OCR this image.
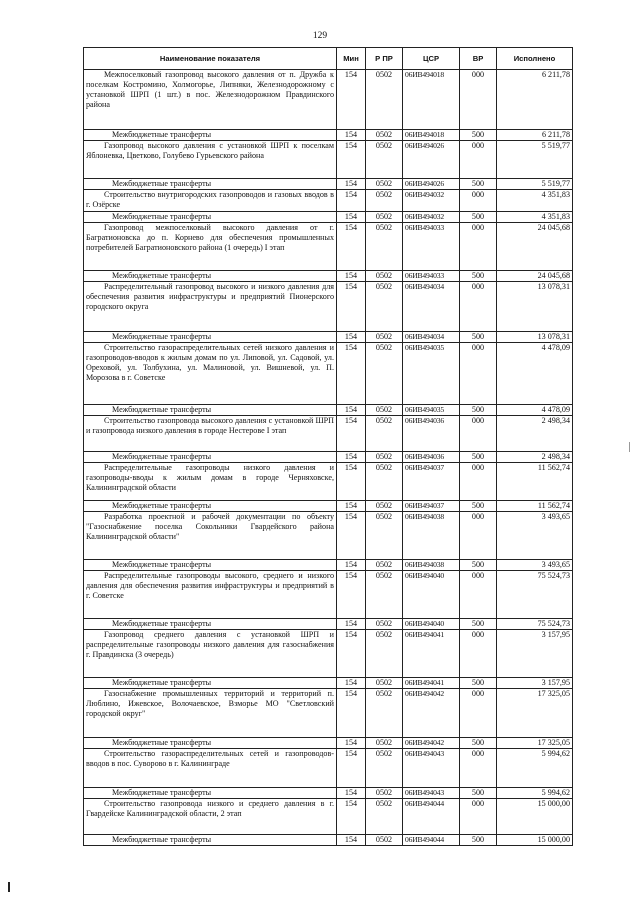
129
Наименование показателя	Мин	Р ПР	ЦСР	ВР	Исполнено
Межпоселковый газопровод высокого давления от п. Дружба к поселкам Костромино, Холмогорье, Липняки, Железнодорожному с установкой ШРП (1 шт.) в пос. Железнодорожном Правдинского района	154	0502	06ИВ494018	000	6 211,78
Межбюджетные трансферты	154	0502	06ИВ494018	500	6 211,78
Газопровод высокого давления с установкой ШРП к поселкам Яблоневка, Цветково, Голубево Гурьевского района	154	0502	06ИВ494026	000	5 519,77
Межбюджетные трансферты	154	0502	06ИВ494026	500	5 519,77
Строительство внутригородских газопроводов и газовых вводов в г. Озёрске	154	0502	06ИВ494032	000	4 351,83
Межбюджетные трансферты	154	0502	06ИВ494032	500	4 351,83
Газопровод межпоселковый высокого давления от г. Багратионовска до п. Корнево для обеспечения промышленных потребителей Багратионовского района (1 очередь) I этап	154	0502	06ИВ494033	000	24 045,68
Межбюджетные трансферты	154	0502	06ИВ494033	500	24 045,68
Распределительный газопровод высокого и низкого давления для обеспечения развития инфраструктуры и предприятий Пионерского городского округа	154	0502	06ИВ494034	000	13 078,31
Межбюджетные трансферты	154	0502	06ИВ494034	500	13 078,31
Строительство газораспределительных сетей низкого давления и газопроводов-вводов к жилым домам по ул. Липовой, ул. Садовой, ул. Ореховой, ул. Толбухина, ул. Малиновой, ул. Вишневой, ул. П. Морозова в г. Советске	154	0502	06ИВ494035	000	4 478,09
Межбюджетные трансферты	154	0502	06ИВ494035	500	4 478,09
Строительство газопровода высокого давления с установкой ШРП и газопровода низкого давления в городе Нестерове I этап	154	0502	06ИВ494036	000	2 498,34
Межбюджетные трансферты	154	0502	06ИВ494036	500	2 498,34
Распределительные газопроводы низкого давления и газопроводы-вводы к жилым домам в городе Черняховске, Калининградской области	154	0502	06ИВ494037	000	11 562,74
Межбюджетные трансферты	154	0502	06ИВ494037	500	11 562,74
Разработка проектной и рабочей документации по объекту "Газоснабжение поселка Сокольники Гвардейского района Калининградской области"	154	0502	06ИВ494038	000	3 493,65
Межбюджетные трансферты	154	0502	06ИВ494038	500	3 493,65
Распределительные газопроводы высокого, среднего и низкого давления для обеспечения развития инфраструктуры и предприятий в г. Советске	154	0502	06ИВ494040	000	75 524,73
Межбюджетные трансферты	154	0502	06ИВ494040	500	75 524,73
Газопровод среднего давления с установкой ШРП и распределительные газопроводы низкого давления для газоснабжения г. Правдинска (3 очередь)	154	0502	06ИВ494041	000	3 157,95
Межбюджетные трансферты	154	0502	06ИВ494041	500	3 157,95
Газоснабжение промышленных территорий и территорий п. Люблино, Ижевское, Волочаевское, Взморье МО "Светловский городской округ"	154	0502	06ИВ494042	000	17 325,05
Межбюджетные трансферты	154	0502	06ИВ494042	500	17 325,05
Строительство газораспределительных сетей и газопроводов-вводов в пос. Суворово в г. Калининграде	154	0502	06ИВ494043	000	5 994,62
Межбюджетные трансферты	154	0502	06ИВ494043	500	5 994,62
Строительство газопровода низкого и среднего давления в г. Гвардейске Калининградской области, 2 этап	154	0502	06ИВ494044	000	15 000,00
Межбюджетные трансферты	154	0502	06ИВ494044	500	15 000,00
